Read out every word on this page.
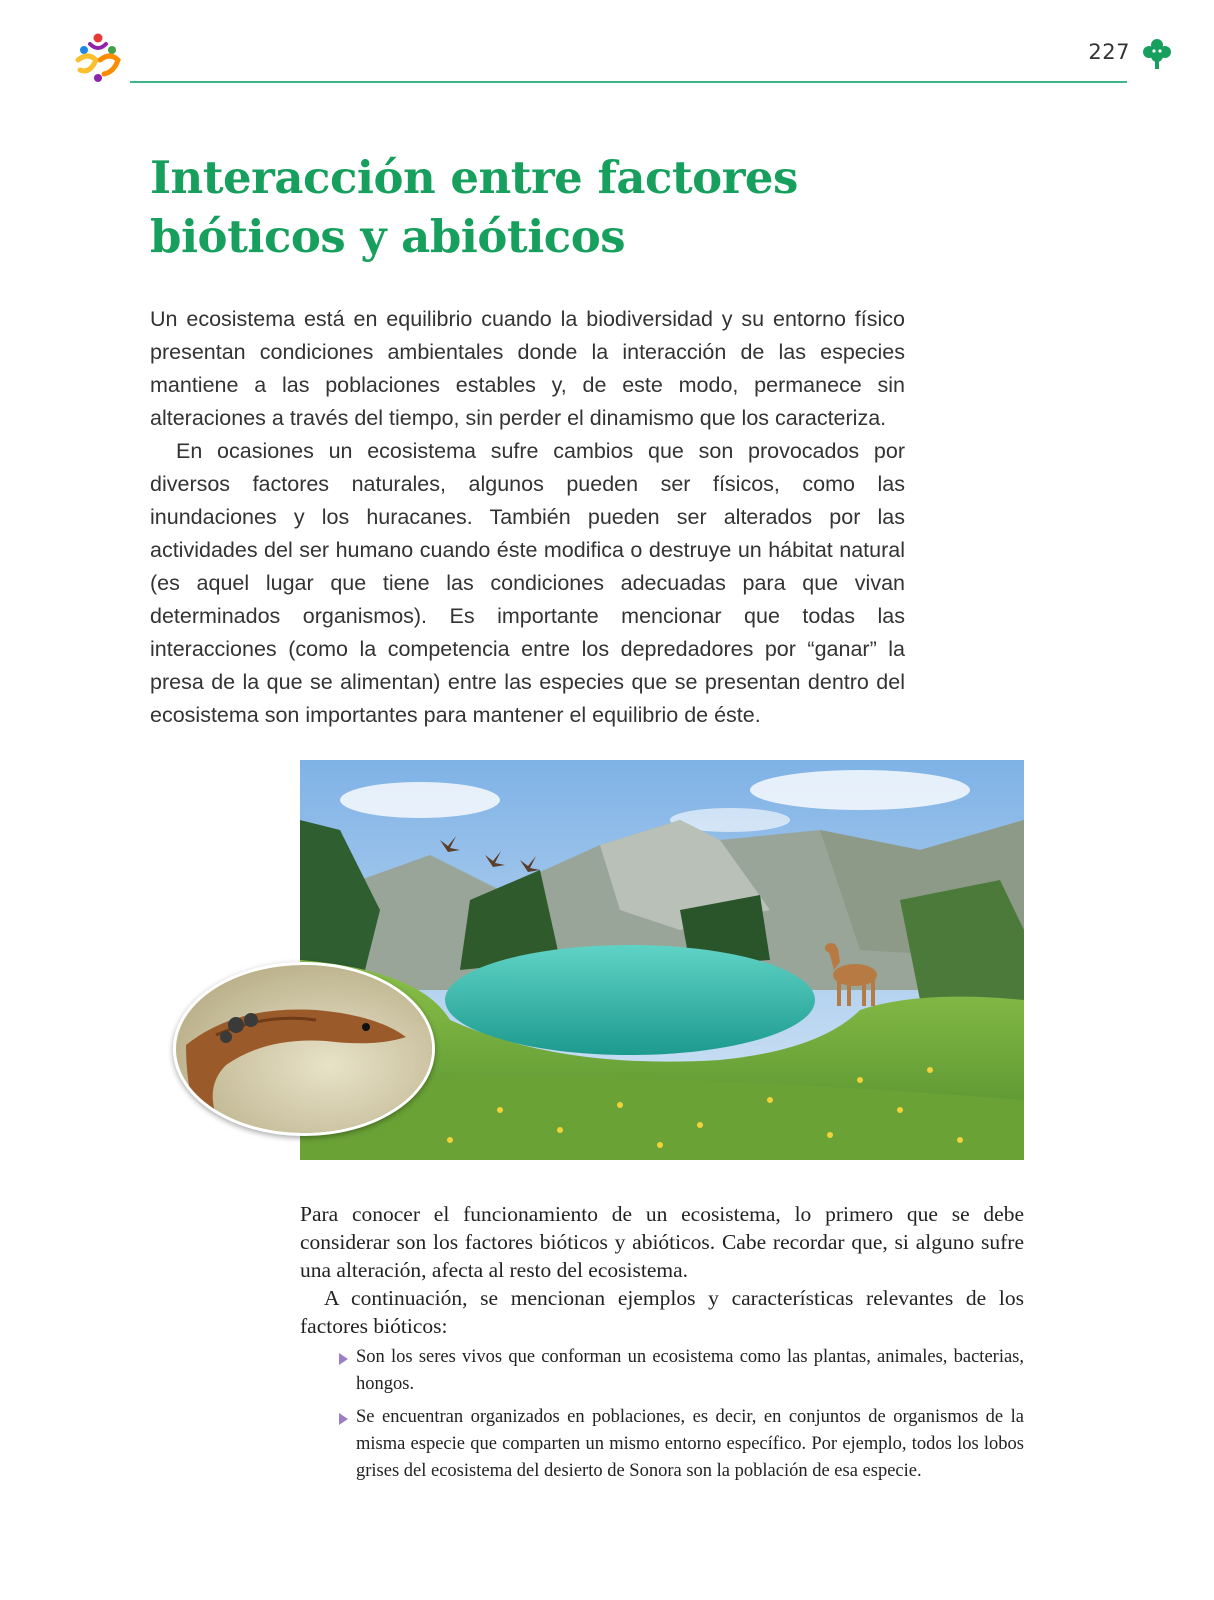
227
Interacción entre factores
bióticos y abióticos

Un ecosistema está en equilibrio cuando la biodiversidad y su entorno físico presentan condiciones ambientales donde la interacción de las especies mantiene a las poblaciones estables y, de este modo, permanece sin alteraciones a través del tiempo, sin perder el dinamismo que los caracteriza.

En ocasiones un ecosistema sufre cambios que son provocados por diversos factores naturales, algunos pueden ser físicos, como las inundaciones y los huracanes. También pueden ser alterados por las actividades del ser humano cuando éste modifica o destruye un hábitat natural (es aquel lugar que tiene las condiciones adecuadas para que vivan determinados organismos). Es importante mencionar que todas las interacciones (como la competencia entre los depredadores por “ganar” la presa de la que se alimentan) entre las especies que se presentan dentro del ecosistema son importantes para mantener el equilibrio de éste.

Para conocer el funcionamiento de un ecosistema, lo primero que se debe considerar son los factores bióticos y abióticos. Cabe recordar que, si alguno sufre una alteración, afecta al resto del ecosistema.

A continuación, se mencionan ejemplos y características relevantes de los factores bióticos:

Son los seres vivos que conforman un ecosistema como las plantas, animales, bacterias, hongos.
Se encuentran organizados en poblaciones, es decir, en conjuntos de organismos de la misma especie que comparten un mismo entorno específico. Por ejemplo, todos los lobos grises del ecosistema del desierto de Sonora son la población de esa especie.
